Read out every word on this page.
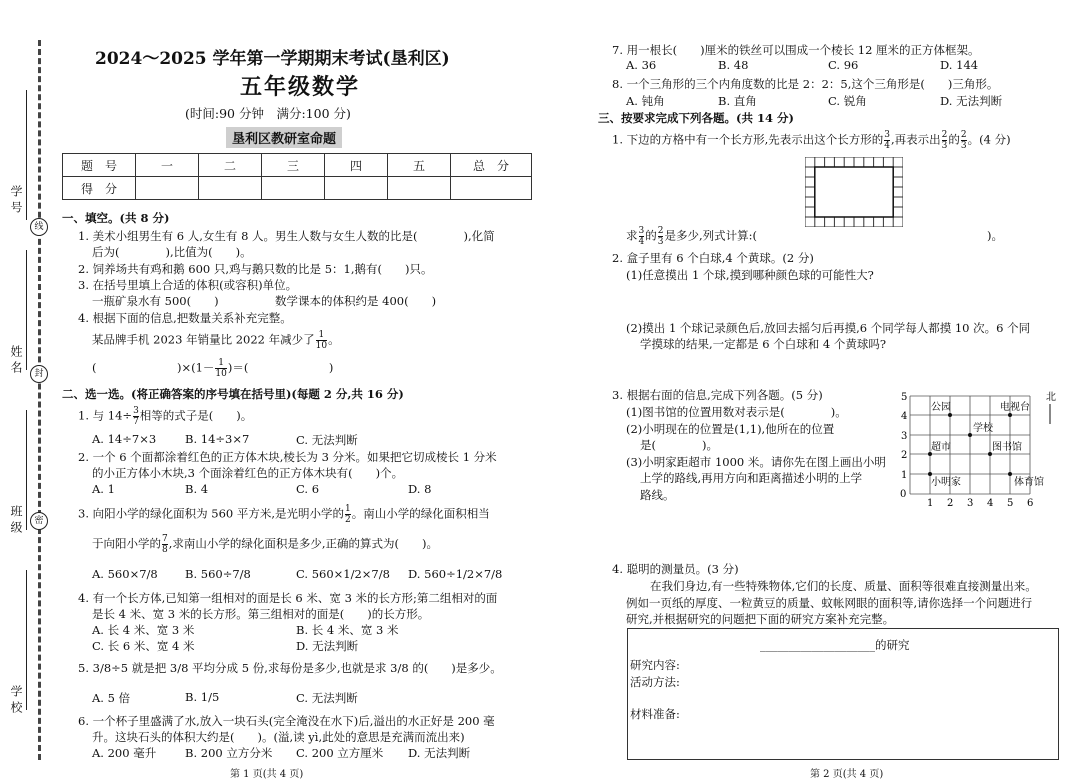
学号
姓名
班级
学校
线
封
密
2024～2025 学年第一学期期末考试(垦利区)
五年级数学
(时间:90 分钟　满分:100 分)
垦利区教研室命题
题　号	一	二	三	四	五	总　分
得　分						
一、填空。(共 8 分)
1. 美术小组男生有 6 人,女生有 8 人。男生人数与女生人数的比是(　　　　),化简
后为(　　　　),比值为(　　)。
2. 饲养场共有鸡和鹅 600 只,鸡与鹅只数的比是 5：1,鹅有(　　)只。
3. 在括号里填上合适的体积(或容积)单位。
一瓶矿泉水有 500(　　)	数学课本的体积约是 400(　　)
4. 根据下面的信息,把数量关系补充完整。
某品牌手机 2023 年销量比 2022 年减少了 $\frac{1}{10}$ 。
(　　　　　　　)$\times(1- \frac{1}{10}$ )＝(　　　　　　　)
二、选一选。(将正确答案的序号填在括号里)(每题 2 分,共 16 分)
1. 与 $14\div \frac{3}{7}$ 相等的式子是(　　)。
A. 14÷7×3	B. 14÷3×7	C. 无法判断
2. 一个 6 个面都涂着红色的正方体木块,棱长为 3 分米。如果把它切成棱长 1 分米
的小正方体小木块,3 个面涂着红色的正方体木块有(　　)个。
A. 1	B. 4	C. 6	D. 8
3. 向阳小学的绿化面积为 560 平方米,是光明小学的 $\frac{1}{2}$ 。南山小学的绿化面积相当
于向阳小学的 $\frac{7}{8}$ ,求南山小学的绿化面积是多少,正确的算式为(　　)。
A. 560×7/8 B. 560÷7/8	C. 560×1/2×7/8 D. 560÷1/2×7/8
4. 有一个长方体,已知第一组相对的面是长 6 米、宽 3 米的长方形;第二组相对的面
是长 4 米、宽 3 米的长方形。第三组相对的面是(　　)的长方形。
A. 长 4 米、宽 3 米	B. 长 4 米、宽 3 米
C. 长 6 米、宽 4 米	D. 无法判断
5. 3/8÷5 就是把 3/8 平均分成 5 份,求每份是多少,也就是求 3/8 的(　　)是多少。
A. 5 倍	B. 1/5	C. 无法判断
6. 一个杯子里盛满了水,放入一块石头(完全淹没在水下)后,溢出的水正好是 200 毫
升。这块石头的体积大约是(　　)。(溢,读 yì,此处的意思是充满而流出来)
A. 200 毫升	B. 200 立方分米 C. 200 立方厘米 D. 无法判断
第 1 页(共 4 页)
7. 用一根长(　　)厘米的铁丝可以围成一个棱长 12 厘米的正方体框架。
A. 36	B. 48	C. 96	D. 144
8. 一个三角形的三个内角度数的比是 2：2：5,这个三角形是(　　)三角形。
A. 钝角	B. 直角	C. 锐角	D. 无法判断
三、按要求完成下列各题。(共 14 分)
1. 下边的方格中有一个长方形,先表示出这个长方形的 $\frac{3}{4}$ ,再表示出 $\frac{2}{3}$ 的 $\frac{2}{3}$ 。(4 分)
求 $\frac{3}{4}$ 的 $\frac{2}{3}$ 是多少,列式计算:(　　　　　　　　　　　　　　　　　　　　)。
2. 盒子里有 6 个白球,4 个黄球。(2 分)
(1)任意摸出 1 个球,摸到哪种颜色球的可能性大?
(2)摸出 1 个球记录颜色后,放回去摇匀后再摸,6 个同学每人都摸 10 次。6 个同
学摸球的结果,一定都是 6 个白球和 4 个黄球吗?
3. 根据右面的信息,完成下列各题。(5 分)
(1)图书馆的位置用数对表示是(　　　　)。
(2)小明现在的位置是(1,1),他所在的位置
是(　　　　)。
(3)小明家距超市 1000 米。请你先在图上画出小明
上学的路线,再用方向和距离描述小明的上学
路线。	0
1 2 3 4 5 6
1
2
3
4
5
公园	电视台
学校
超市	图书馆
小明家	体育馆
北
4. 聪明的测量员。(3 分)
在我们身边,有一些特殊物体,它们的长度、质量、面积等很难直接测量出来。
例如一页纸的厚度、一粒黄豆的质量、蚊帐网眼的面积等,请你选择一个问题进行
研究,并根据研究的问题把下面的研究方案补充完整。
____________________的研究
研究内容:
活动方法:
材料准备:
第 2 页(共 4 页)
